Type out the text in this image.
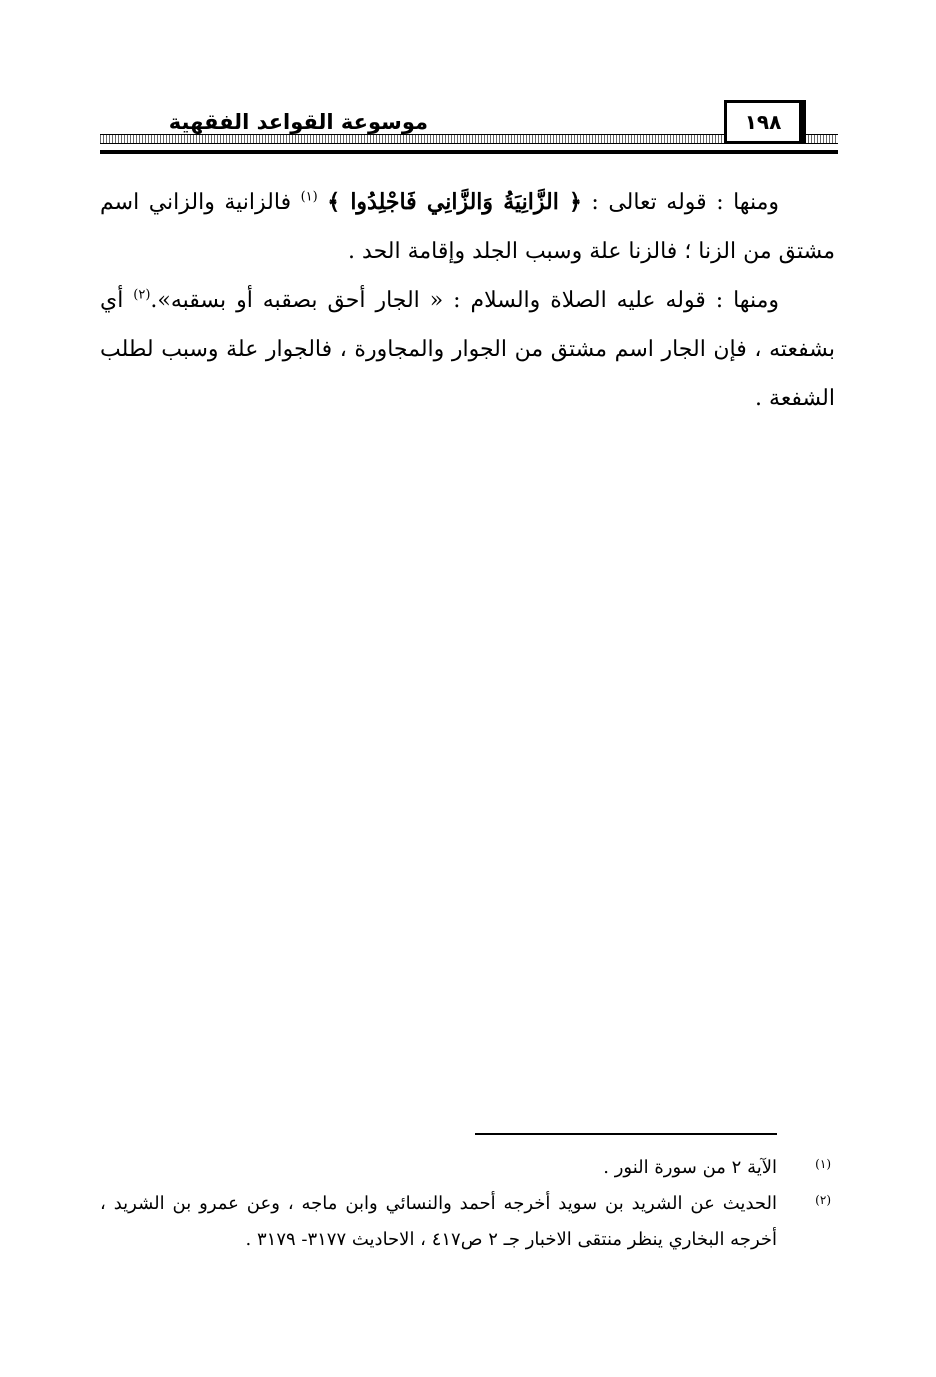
١٩٨
موسوعة القواعد الفقهية

ومنها : قوله تعالى : ﴿ الزَّانِيَةُ وَالزَّانِي فَاجْلِدُوا ﴾ $^{(١)}$ فالزانية والزاني اسم مشتق من الزنا ؛ فالزنا علة وسبب الجلد وإقامة الحد .

ومنها : قوله عليه الصلاة والسلام : « الجار أحق بصقبه أو بسقبه».$^{(٢)}$ أي بشفعته ، فإن الجار اسم مشتق من الجوار والمجاورة ، فالجوار علة وسبب لطلب الشفعة .

(١)
الآية ٢ من سورة النور .
(٢)
الحديث عن الشريد بن سويد أخرجه أحمد والنسائي وابن ماجه ، وعن عمرو بن الشريد ، أخرجه البخاري ينظر منتقى الاخبار جـ ٢ ص٤١٧ ، الاحاديث ٣١٧٧- ٣١٧٩ .
